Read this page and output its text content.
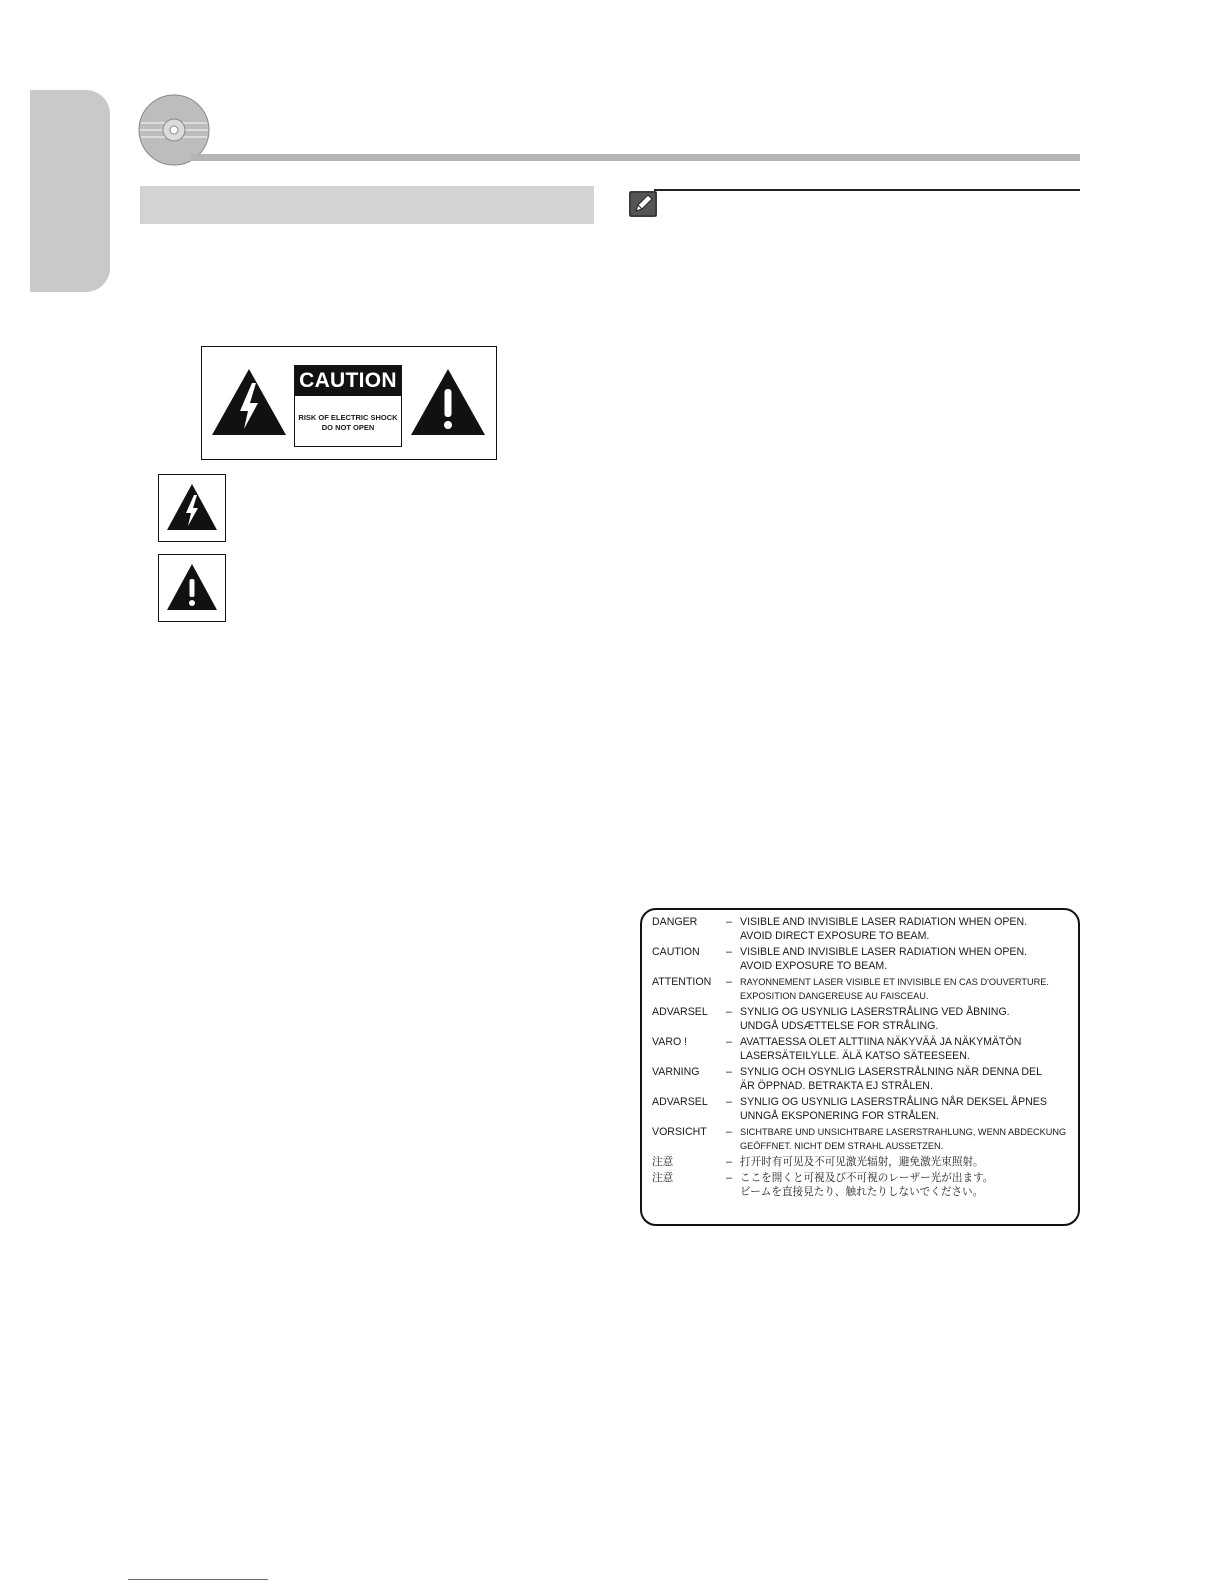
CAUTION
RISK OF ELECTRIC SHOCK
DO NOT OPEN
DANGER	– VISIBLE AND INVISIBLE LASER RADIATION WHEN OPEN.
AVOID DIRECT EXPOSURE TO BEAM.
CAUTION	– VISIBLE AND INVISIBLE LASER RADIATION WHEN OPEN.
AVOID EXPOSURE TO BEAM.
ATTENTION	– RAYONNEMENT LASER VISIBLE ET INVISIBLE EN CAS D'OUVERTURE.
EXPOSITION DANGEREUSE AU FAISCEAU.
ADVARSEL	– SYNLIG OG USYNLIG LASERSTRÅLING VED ÅBNING.
UNDGÅ UDSÆTTELSE FOR STRÅLING.
VARO !	– AVATTAESSA OLET ALTTIINA NÄKYVÄÄ JA NÄKYMÄTÖN
LASERSÄTEILYLLE. ÄLÄ KATSO SÄTEESEEN.
VARNING	– SYNLIG OCH OSYNLIG LASERSTRÅLNING NÄR DENNA DEL
ÄR ÖPPNAD. BETRAKTA EJ STRÅLEN.
ADVARSEL	– SYNLIG OG USYNLIG LASERSTRÅLING NÅR DEKSEL ÅPNES
UNNGÅ EKSPONERING FOR STRÅLEN.
VORSICHT	– SICHTBARE UND UNSICHTBARE LASERSTRAHLUNG, WENN ABDECKUNG
GEÖFFNET. NICHT DEM STRAHL AUSSETZEN.
注意	– 打开时有可见及不可见激光辐射，避免激光束照射。
注意	– ここを開くと可視及び不可視のレーザー光が出ます。
ビームを直接見たり、触れたりしないでください。
